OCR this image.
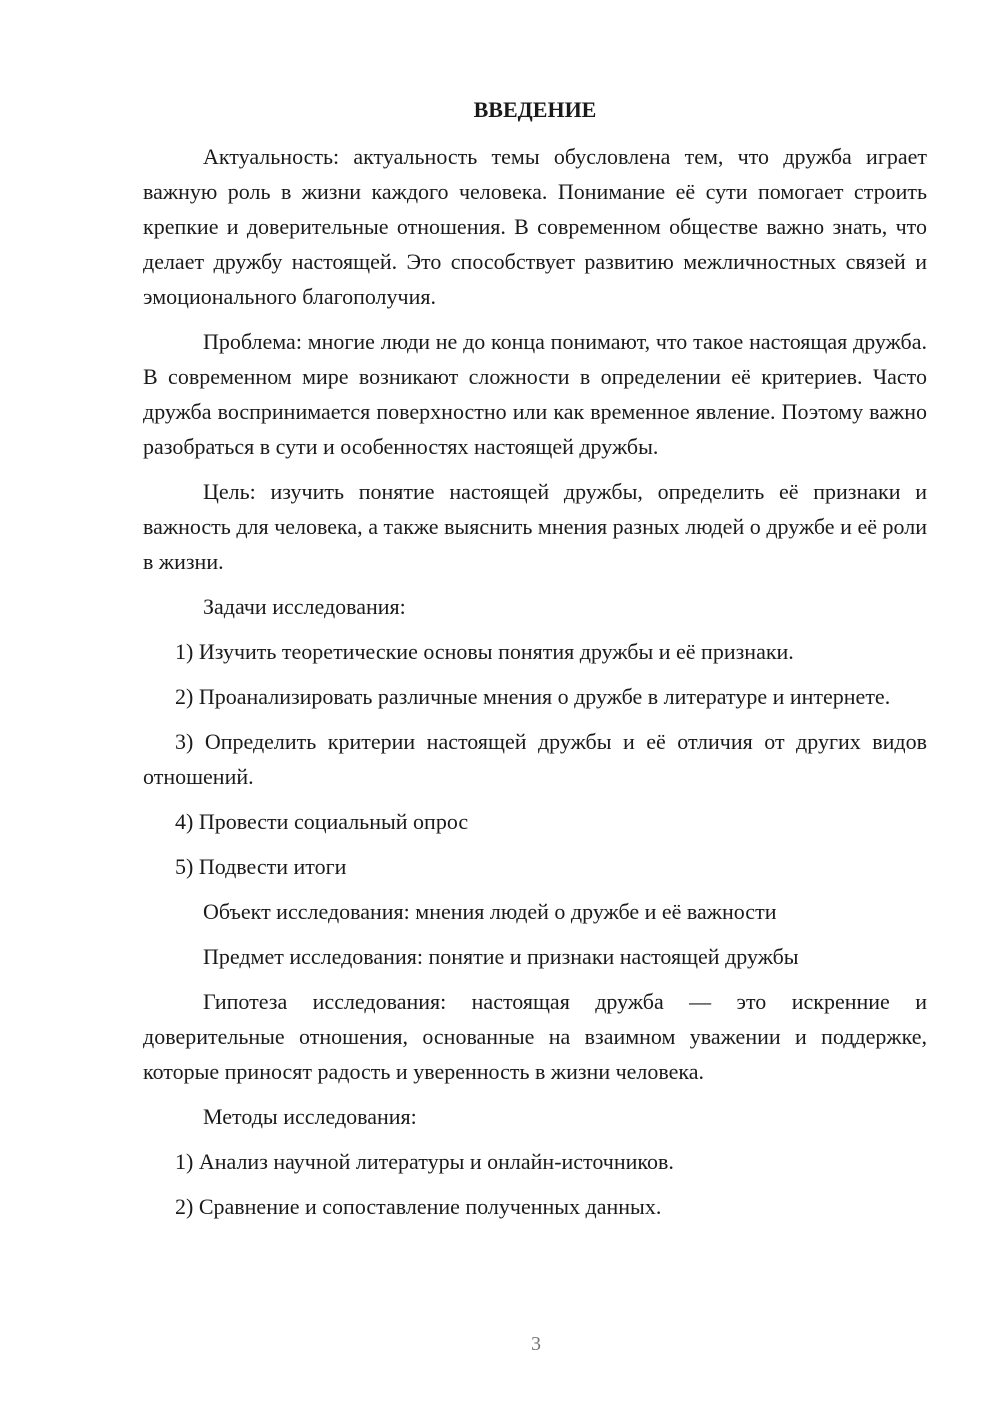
ВВЕДЕНИЕ

Актуальность: актуальность темы обусловлена тем, что дружба играет важную роль в жизни каждого человека. Понимание её сути помогает строить крепкие и доверительные отношения. В современном обществе важно знать, что делает дружбу настоящей. Это способствует развитию межличностных связей и эмоционального благополучия.

Проблема: многие люди не до конца понимают, что такое настоящая дружба. В современном мире возникают сложности в определении её критериев. Часто дружба воспринимается поверхностно или как временное явление. Поэтому важно разобраться в сути и особенностях настоящей дружбы.

Цель: изучить понятие настоящей дружбы, определить её признаки и важность для человека, а также выяснить мнения разных людей о дружбе и её роли в жизни.

Задачи исследования:

1) Изучить теоретические основы понятия дружбы и её признаки.

2) Проанализировать различные мнения о дружбе в литературе и интернете.

3) Определить критерии настоящей дружбы и её отличия от других видов отношений.

4) Провести социальный опрос

5) Подвести итоги

Объект исследования: мнения людей о дружбе и её важности

Предмет исследования: понятие и признаки настоящей дружбы

Гипотеза исследования: настоящая дружба — это искренние и доверительные отношения, основанные на взаимном уважении и поддержке, которые приносят радость и уверенность в жизни человека.

Методы исследования:

1) Анализ научной литературы и онлайн-источников.

2) Сравнение и сопоставление полученных данных.

3
